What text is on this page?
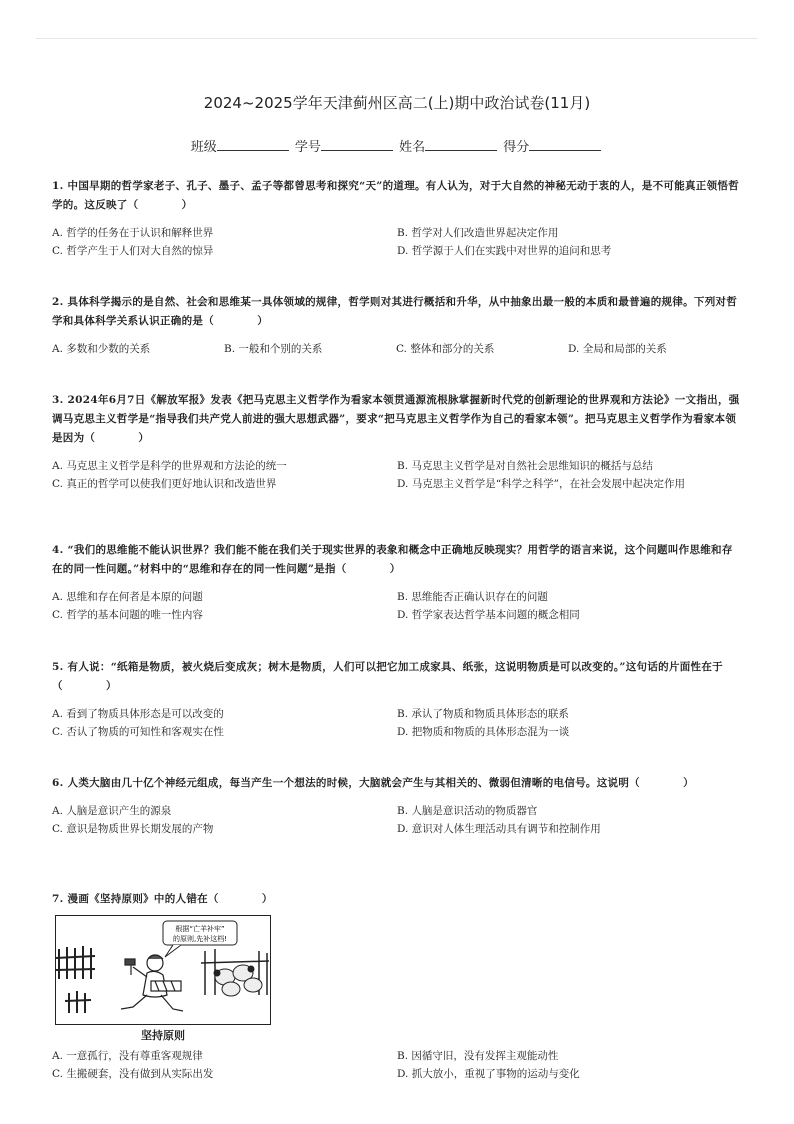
2024~2025学年天津蓟州区高二(上)期中政治试卷(11月)
班级	学号	姓名	得分
1. 中国早期的哲学家老子、孔子、墨子、孟子等都曾思考和探究“天”的道理。有人认为，对于大自然的神秘无动于衷的人，是不可能真正领悟哲学的。这反映了（　　　　）
A. 哲学的任务在于认识和解释世界	B. 哲学对人们改造世界起决定作用
C. 哲学产生于人们对大自然的惊异	D. 哲学源于人们在实践中对世界的追问和思考
2. 具体科学揭示的是自然、社会和思维某一具体领域的规律，哲学则对其进行概括和升华，从中抽象出最一般的本质和最普遍的规律。下列对哲学和具体科学关系认识正确的是（　　　　）
A. 多数和少数的关系	B. 一般和个别的关系	C. 整体和部分的关系	D. 全局和局部的关系
3. 2024年6月7日《解放军报》发表《把马克思主义哲学作为看家本领贯通源流根脉掌握新时代党的创新理论的世界观和方法论》一文指出，强调马克思主义哲学是“指导我们共产党人前进的强大思想武器”，要求“把马克思主义哲学作为自己的看家本领”。把马克思主义哲学作为看家本领是因为（　　　　）
A. 马克思主义哲学是科学的世界观和方法论的统一	B. 马克思主义哲学是对自然社会思维知识的概括与总结
C. 真正的哲学可以使我们更好地认识和改造世界	D. 马克思主义哲学是“科学之科学”，在社会发展中起决定作用
4. “我们的思维能不能认识世界？我们能不能在我们关于现实世界的表象和概念中正确地反映现实？用哲学的语言来说，这个问题叫作思维和存在的同一性问题。”材料中的“思维和存在的同一性问题”是指（　　　　）
A. 思维和存在何者是本原的问题	B. 思维能否正确认识存在的问题
C. 哲学的基本问题的唯一性内容	D. 哲学家表达哲学基本问题的概念相同
5. 有人说：“纸箱是物质，被火烧后变成灰；树木是物质，人们可以把它加工成家具、纸张，这说明物质是可以改变的。”这句话的片面性在于（　　　　）
A. 看到了物质具体形态是可以改变的	B. 承认了物质和物质具体形态的联系
C. 否认了物质的可知性和客观实在性	D. 把物质和物质的具体形态混为一谈
6. 人类大脑由几十亿个神经元组成，每当产生一个想法的时候，大脑就会产生与其相关的、微弱但清晰的电信号。这说明（　　　　）
A. 人脑是意识产生的源泉	B. 人脑是意识活动的物质器官
C. 意识是物质世界长期发展的产物	D. 意识对人体生理活动具有调节和控制作用
7. 漫画《坚持原则》中的人错在（　　　　）
根据“亡羊补牢”
的原则,先补这档!
坚持原则
A. 一意孤行，没有尊重客观规律	B. 因循守旧，没有发挥主观能动性
C. 生搬硬套，没有做到从实际出发	D. 抓大放小，重视了事物的运动与变化
